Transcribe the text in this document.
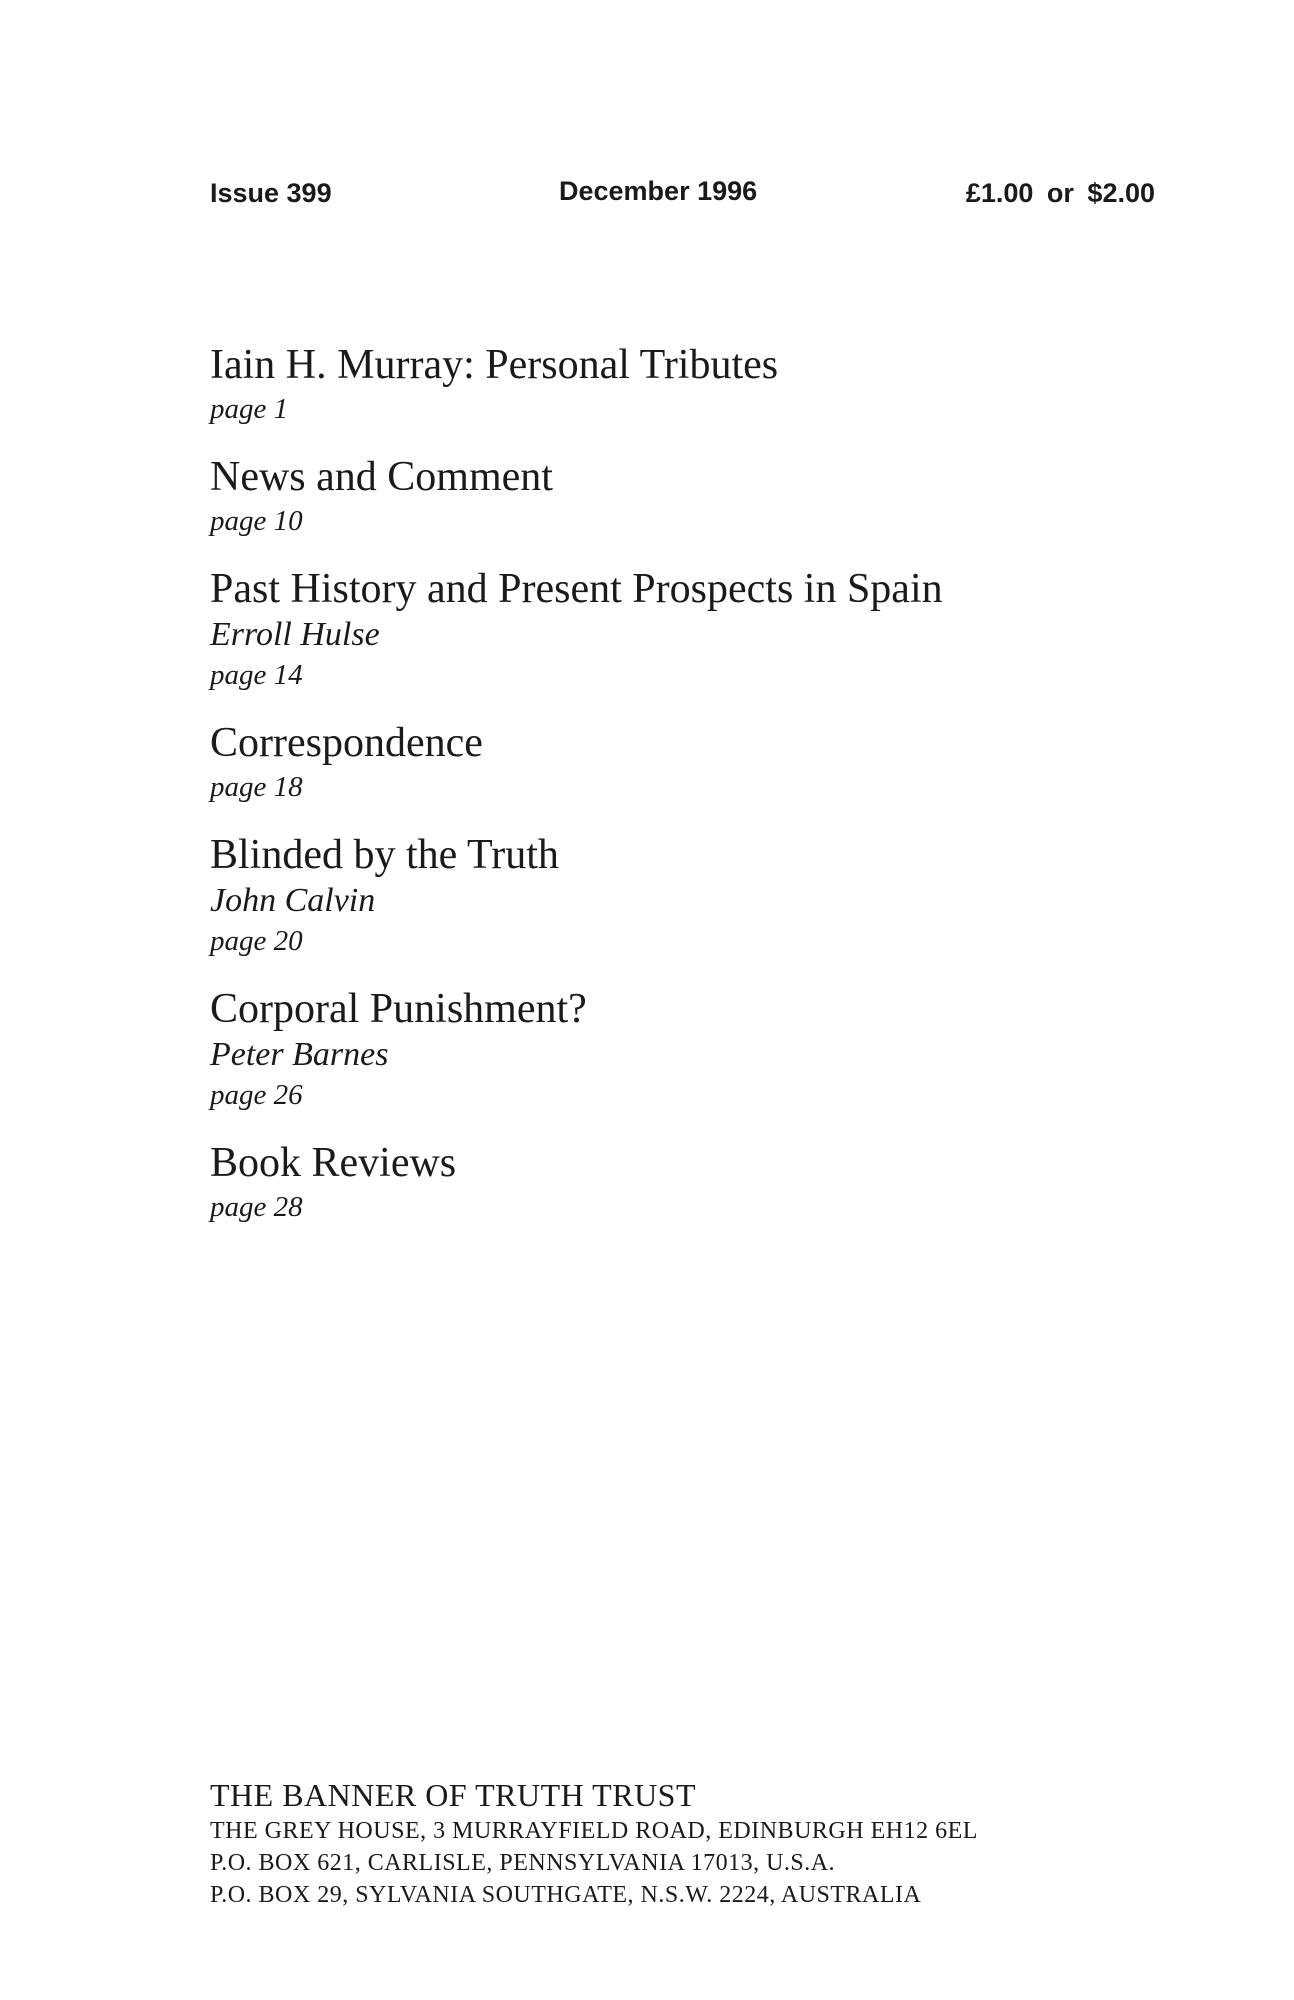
Issue 399	December 1996	£1.00 or $2.00
Iain H. Murray: Personal Tributes
page 1
News and Comment
page 10
Past History and Present Prospects in Spain
Erroll Hulse
page 14
Correspondence
page 18
Blinded by the Truth
John Calvin
page 20
Corporal Punishment?
Peter Barnes
page 26
Book Reviews
page 28
THE BANNER OF TRUTH TRUST
THE GREY HOUSE, 3 MURRAYFIELD ROAD, EDINBURGH EH12 6EL
P.O. BOX 621, CARLISLE, PENNSYLVANIA 17013, U.S.A.
P.O. BOX 29, SYLVANIA SOUTHGATE, N.S.W. 2224, AUSTRALIA
